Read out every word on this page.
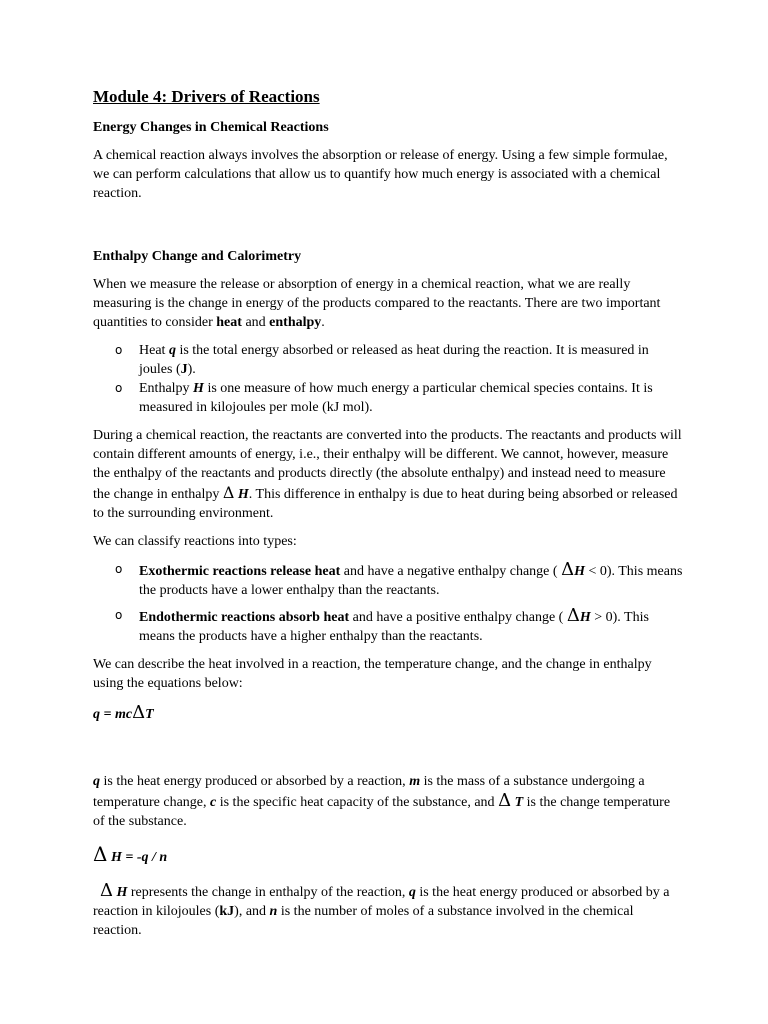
Module 4: Drivers of Reactions
Energy Changes in Chemical Reactions

A chemical reaction always involves the absorption or release of energy. Using a few simple formulae, we can perform calculations that allow us to quantify how much energy is associated with a chemical reaction.

Enthalpy Change and Calorimetry

When we measure the release or absorption of energy in a chemical reaction, what we are really measuring is the change in energy of the products compared to the reactants. There are two important quantities to consider heat and enthalpy.

o Heat q is the total energy absorbed or released as heat during the reaction. It is measured in joules (J).
o Enthalpy H is one measure of how much energy a particular chemical species contains. It is measured in kilojoules per mole (kJ mol).

During a chemical reaction, the reactants are converted into the products. The reactants and products will contain different amounts of energy, i.e., their enthalpy will be different. We cannot, however, measure the enthalpy of the reactants and products directly (the absolute enthalpy) and instead need to measure the change in enthalpy Δ H. This difference in enthalpy is due to heat during being absorbed or released to the surrounding environment.

We can classify reactions into types:

o Exothermic reactions release heat and have a negative enthalpy change ( ΔH < 0). This means the products have a lower enthalpy than the reactants.
o Endothermic reactions absorb heat and have a positive enthalpy change ( ΔH > 0). This means the products have a higher enthalpy than the reactants.

We can describe the heat involved in a reaction, the temperature change, and the change in enthalpy using the equations below:

q = mcΔT

q is the heat energy produced or absorbed by a reaction, m is the mass of a substance undergoing a temperature change, c is the specific heat capacity of the substance, and Δ T is the change temperature of the substance.

Δ H = -q / n

Δ H represents the change in enthalpy of the reaction, q is the heat energy produced or absorbed by a reaction in kilojoules (kJ), and n is the number of moles of a substance involved in the chemical reaction.
